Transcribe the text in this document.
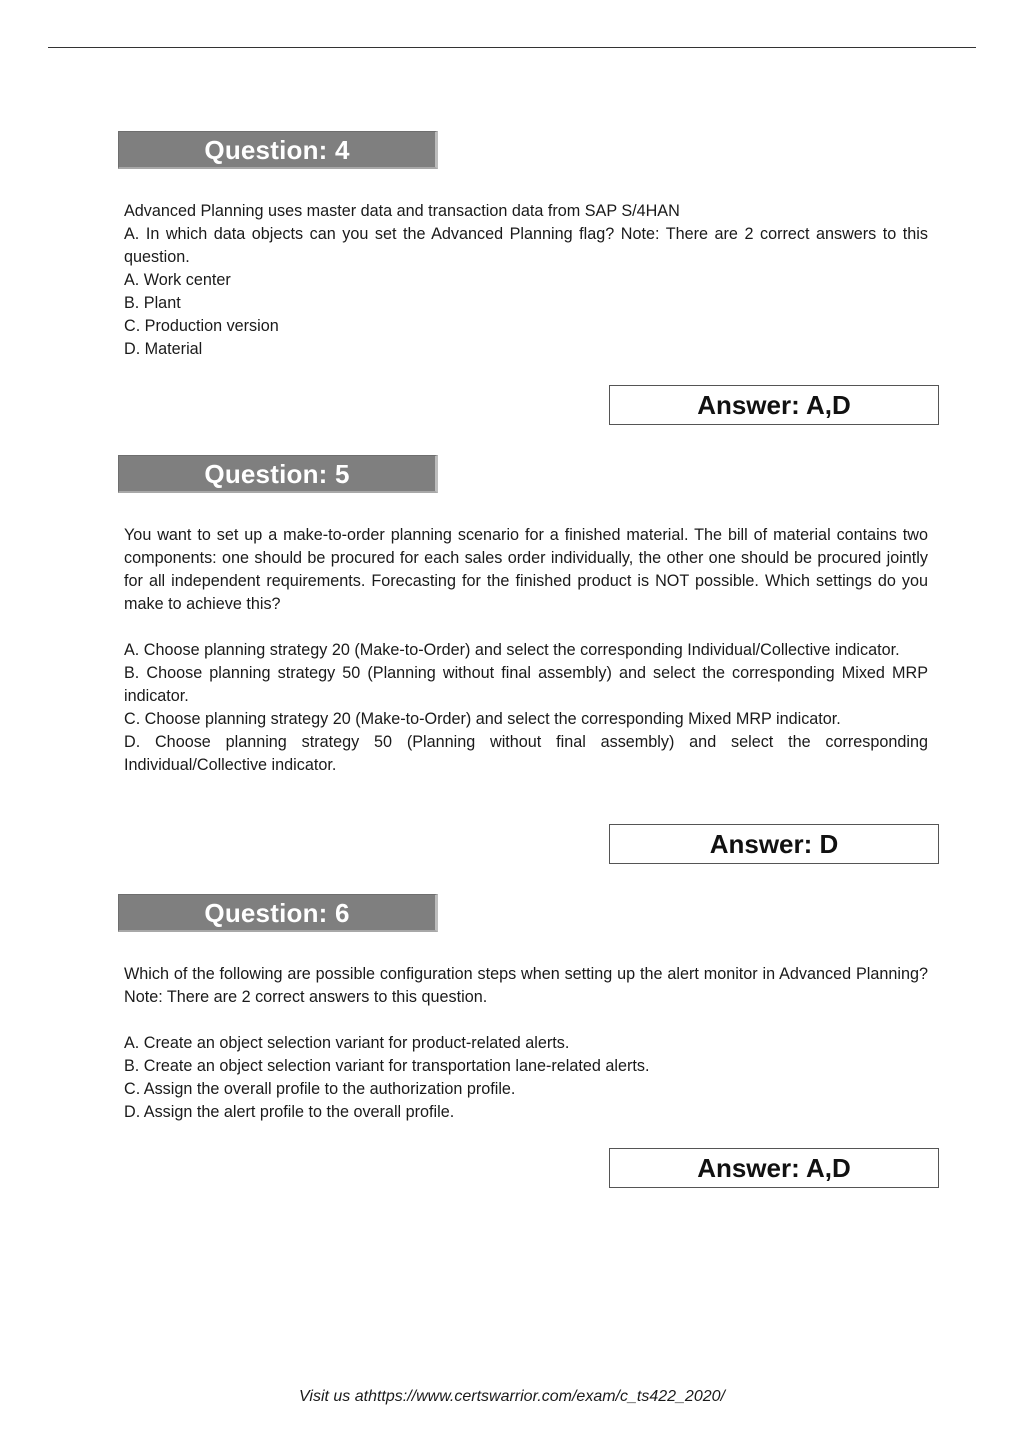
Question: 4

Advanced Planning uses master data and transaction data from SAP S/4HAN

A. In which data objects can you set the Advanced Planning flag? Note: There are 2 correct answers to this question.

A. Work center

B. Plant

C. Production version

D. Material

Answer: A,D
Question: 5

You want to set up a make-to-order planning scenario for a finished material. The bill of material contains two components: one should be procured for each sales order individually, the other one should be procured jointly for all independent requirements. Forecasting for the finished product is NOT possible. Which settings do you make to achieve this?

A. Choose planning strategy 20 (Make-to-Order) and select the corresponding Individual/Collective indicator.

B. Choose planning strategy 50 (Planning without final assembly) and select the corresponding Mixed MRP indicator.

C. Choose planning strategy 20 (Make-to-Order) and select the corresponding Mixed MRP indicator.

D. Choose planning strategy 50 (Planning without final assembly) and select the corresponding Individual/Collective indicator.

Answer: D
Question: 6

Which of the following are possible configuration steps when setting up the alert monitor in Advanced Planning? Note: There are 2 correct answers to this question.

A. Create an object selection variant for product-related alerts.

B. Create an object selection variant for transportation lane-related alerts.

C. Assign the overall profile to the authorization profile.

D. Assign the alert profile to the overall profile.

Answer: A,D
Visit us athttps://www.certswarrior.com/exam/c_ts422_2020/
